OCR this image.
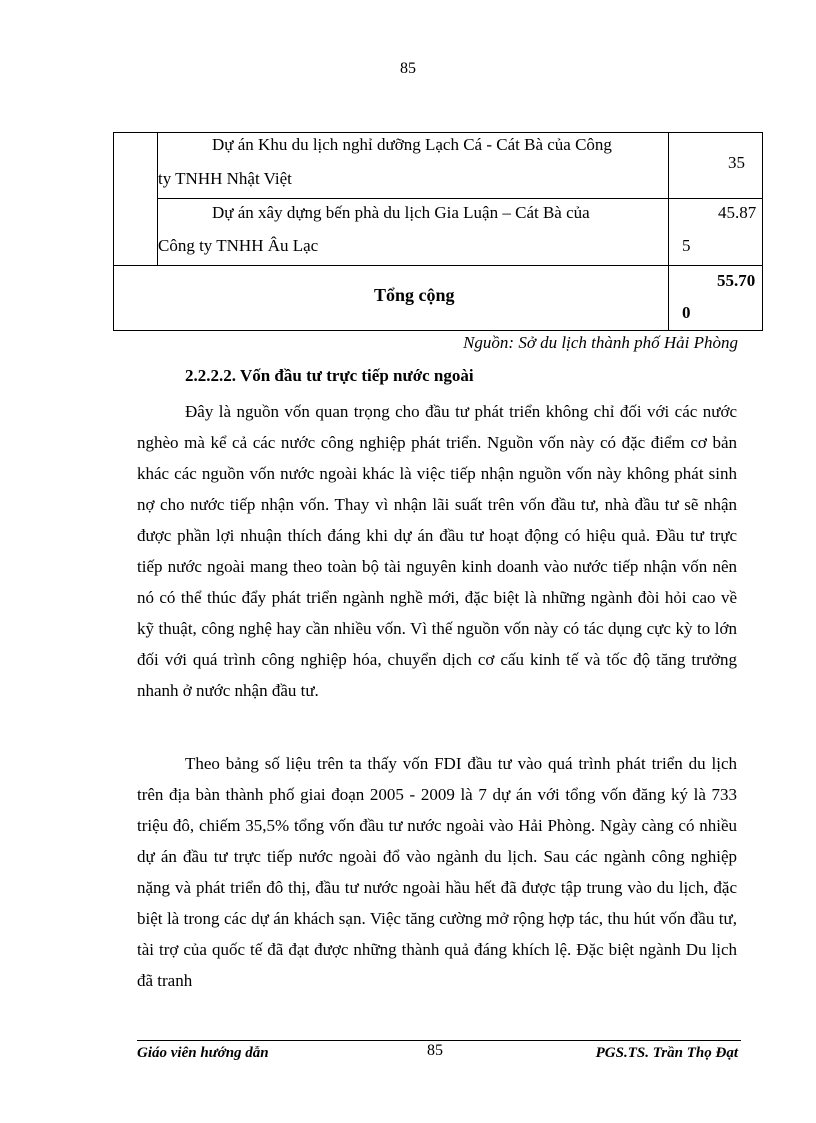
85
Dự án Khu du lịch nghỉ dưỡng Lạch Cá - Cát Bà của Công
ty TNHH Nhật Việt
35
Dự án xây dựng bến phà du lịch Gia Luận – Cát Bà của
Công ty TNHH Âu Lạc
45.87
5
Tổng cộng
55.70
0
Nguồn: Sở du lịch thành phố Hải Phòng
2.2.2.2. Vốn đầu tư trực tiếp nước ngoài

Đây là nguồn vốn quan trọng cho đầu tư phát triển không chỉ đối với các nước nghèo mà kể cả các nước công nghiệp phát triển. Nguồn vốn này có đặc điểm cơ bản khác các nguồn vốn nước ngoài khác là việc tiếp nhận nguồn vốn này không phát sinh nợ cho nước tiếp nhận vốn. Thay vì nhận lãi suất trên vốn đầu tư, nhà đầu tư sẽ nhận được phần lợi nhuận thích đáng khi dự án đầu tư hoạt động có hiệu quả. Đầu tư trực tiếp nước ngoài mang theo toàn bộ tài nguyên kinh doanh vào nước tiếp nhận vốn nên nó có thể thúc đẩy phát triển ngành nghề mới, đặc biệt là những ngành đòi hỏi cao về kỹ thuật, công nghệ hay cần nhiều vốn. Vì thế nguồn vốn này có tác dụng cực kỳ to lớn đối với quá trình công nghiệp hóa, chuyển dịch cơ cấu kinh tế và tốc độ tăng trưởng nhanh ở nước nhận đầu tư.

Theo bảng số liệu trên ta thấy vốn FDI đầu tư vào quá trình phát triển du lịch trên địa bàn thành phố giai đoạn 2005 - 2009 là 7 dự án với tổng vốn đăng ký là 733 triệu đô, chiếm 35,5% tổng vốn đầu tư nước ngoài vào Hải Phòng. Ngày càng có nhiều dự án đầu tư trực tiếp nước ngoài đổ vào ngành du lịch. Sau các ngành công nghiệp nặng và phát triển đô thị, đầu tư nước ngoài hầu hết đã được tập trung vào du lịch, đặc biệt là trong các dự án khách sạn. Việc tăng cường mở rộng hợp tác, thu hút vốn đầu tư, tài trợ của quốc tế đã đạt được những thành quả đáng khích lệ. Đặc biệt ngành Du lịch đã tranh

Giáo viên hướng dẫn	85	PGS.TS. Trần Thọ Đạt
